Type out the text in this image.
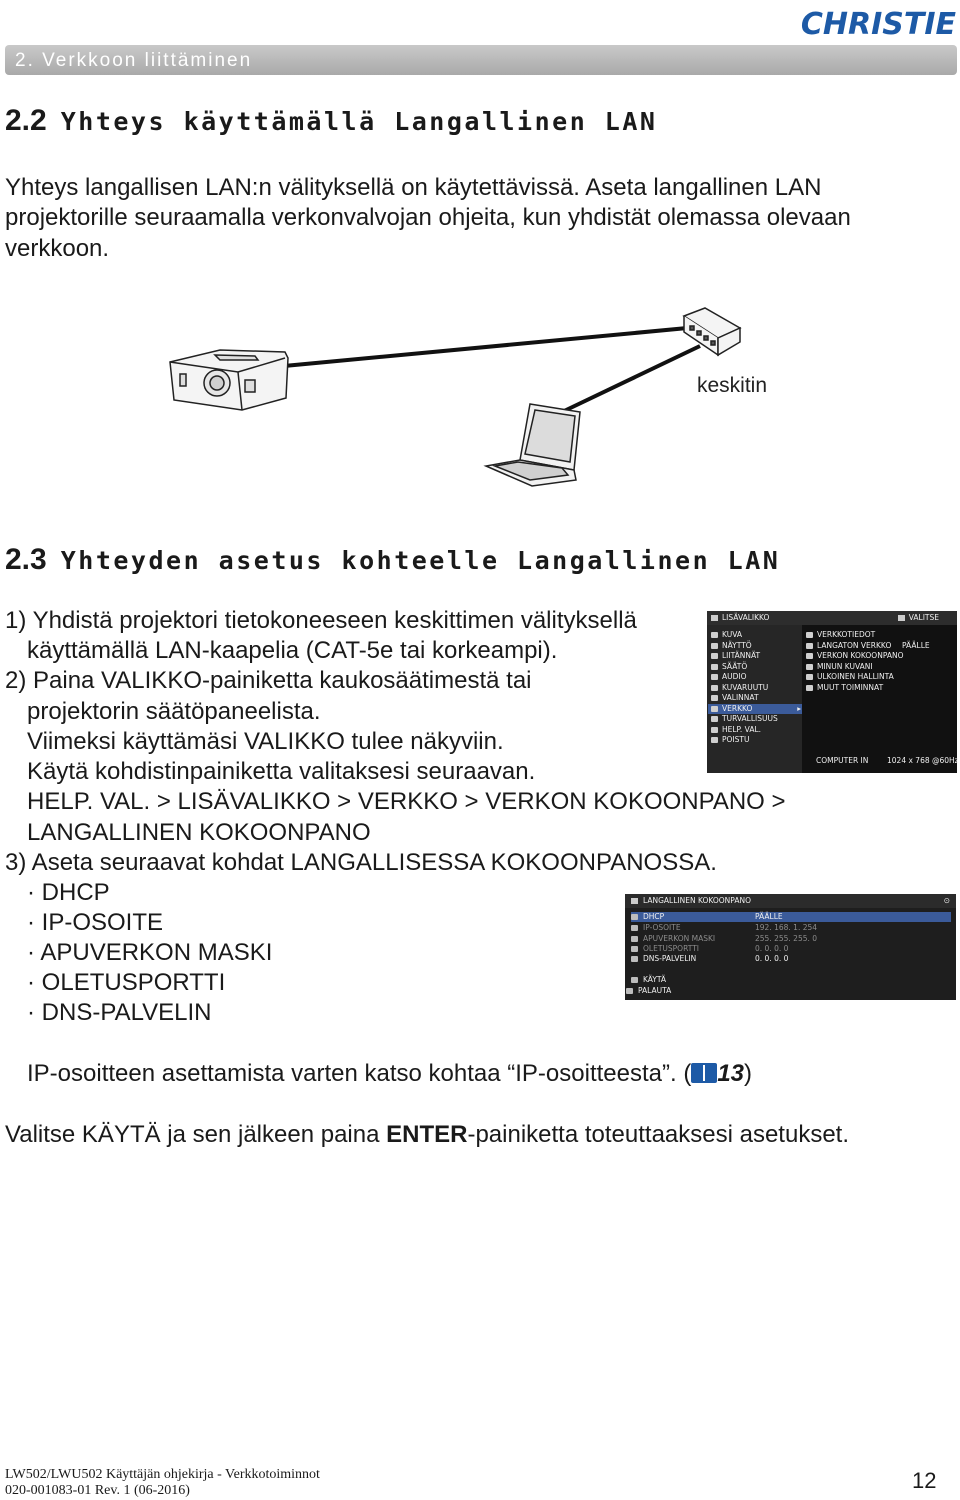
CHRISTIE
2. Verkkoon liittäminen
2.2 Yhteys käyttämällä Langallinen LAN

Yhteys langallisen LAN:n välityksellä on käytettävissä. Aseta langallinen LAN projektorille seuraamalla verkonvalvojan ohjeita, kun yhdistät olemassa olevaan verkkoon.

keskitin
2.3 Yhteyden asetus kohteelle Langallinen LAN
1) Yhdistä projektori tietokoneeseen keskittimen välityksellä
käyttämällä LAN-kaapelia (CAT-5e tai korkeampi).
2) Paina VALIKKO-painiketta kaukosäätimestä tai
projektorin säätöpaneelista.
Viimeksi käyttämäsi VALIKKO tulee näkyviin.
Käytä kohdistinpainiketta valitaksesi seuraavan.
HELP. VAL. > LISÄVALIKKO > VERKKO > VERKON KOKOONPANO >
LANGALLINEN KOKOONPANO
3) Aseta seuraavat kohdat LANGALLISESSA KOKOONPANOSSA.
· DHCP
· IP-OSOITE
· APUVERKON MASKI
· OLETUSPORTTI
· DNS-PALVELIN
IP-osoitteen asettamista varten katso kohtaa “IP-osoitteesta”. ( 13)
Valitse KÄYTÄ ja sen jälkeen paina ENTER-painiketta toteuttaaksesi asetukset.
LISÄVALIKKO	VALITSE
KUVA
NÄYTTÖ
LIITÄNNÄT
SÄÄTÖ
AUDIO
KUVARUUTU
VALINNAT
VERKKO	▸
TURVALLISUUS
HELP. VAL.
POISTU
VERKKOTIEDOT
LANGATON VERKKO PÄÄLLE
VERKON KOKOONPANO
MINUN KUVANI
ULKOINEN HALLINTA
MUUT TOIMINNAT
COMPUTER IN 1024 x 768 @60Hz
LANGALLINEN KOKOONPANO	⊙
DHCP	PÄÄLLE
IP-OSOITE	192. 168. 1. 254
APUVERKON MASKI	255. 255. 255. 0
OLETUSPORTTI	0. 0. 0. 0
DNS-PALVELIN	0. 0. 0. 0
KÄYTÄ
PALAUTA
LW502/LWU502 Käyttäjän ohjekirja - Verkkotoiminnot
020-001083-01 Rev. 1 (06-2016)	12
